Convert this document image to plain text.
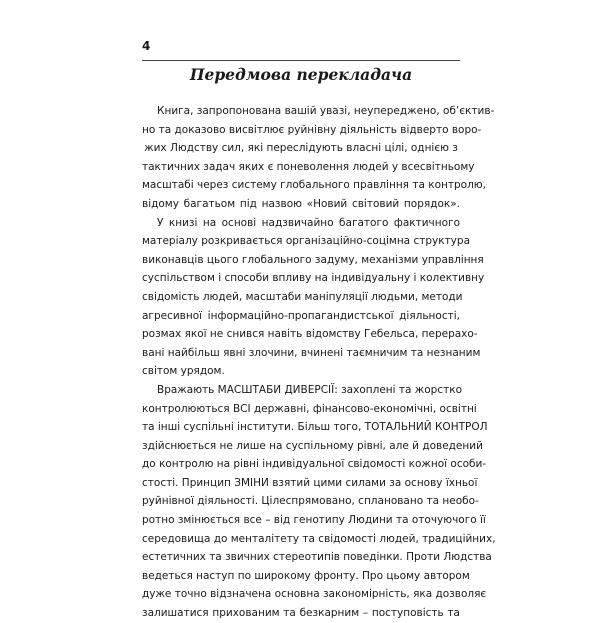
4
Передмова перекладача
Книга, запропонована вашій увазі, неупереджено, об’єктив-
но та доказово висвітлює руйнівну діяльність відверто воро-
жих Людству сил, які переслідують власні цілі, однією з
тактичних задач яких є поневолення людей у всесвітньому
масштабі через систему глобального правління та контролю,
відому багатьом під назвою «Новий світовий порядок».
У книзі на основі надзвичайно багатого фактичного
матеріалу розкривається організаційно-соцімна структура
виконавців цього глобального задуму, механізми управління
суспільством і способи впливу на індивідуальну і колективну
свідомість людей, масштаби маніпуляції людьми, методи
агресивної інформаційно-пропагандистської діяльності,
розмах якої не снився навіть відомству Гебельса, перерахо-
вані найбільш явні злочини, вчинені таємничим та незнаним
світом урядом.
Вражають МАСШТАБИ ДИВЕРСІЇ: захоплені та жорстко
контролюються ВСІ державні, фінансово-економічні, освітні
та інші суспільні інститути. Більш того, ТОТАЛЬНИЙ КОНТРОЛ
здійснюється не лише на суспільному рівні, але й доведений
до контролю на рівні індивідуальної свідомості кожної особи-
стості. Принцип ЗМІНИ взятий цими силами за основу їхньої
руйнівної діяльності. Цілеспрямовано, сплановано та необо-
ротно змінюється все – від генотипу Людини та оточуючого її
середовища до менталітету та свідомості людей, традиційних,
естетичних та звичних стереотипів поведінки. Проти Людства
ведеться наступ по широкому фронту. Про цьому автором
дуже точно відзначена основна закономірність, яка дозволяє
залишатися прихованим та безкарним – поступовість та
